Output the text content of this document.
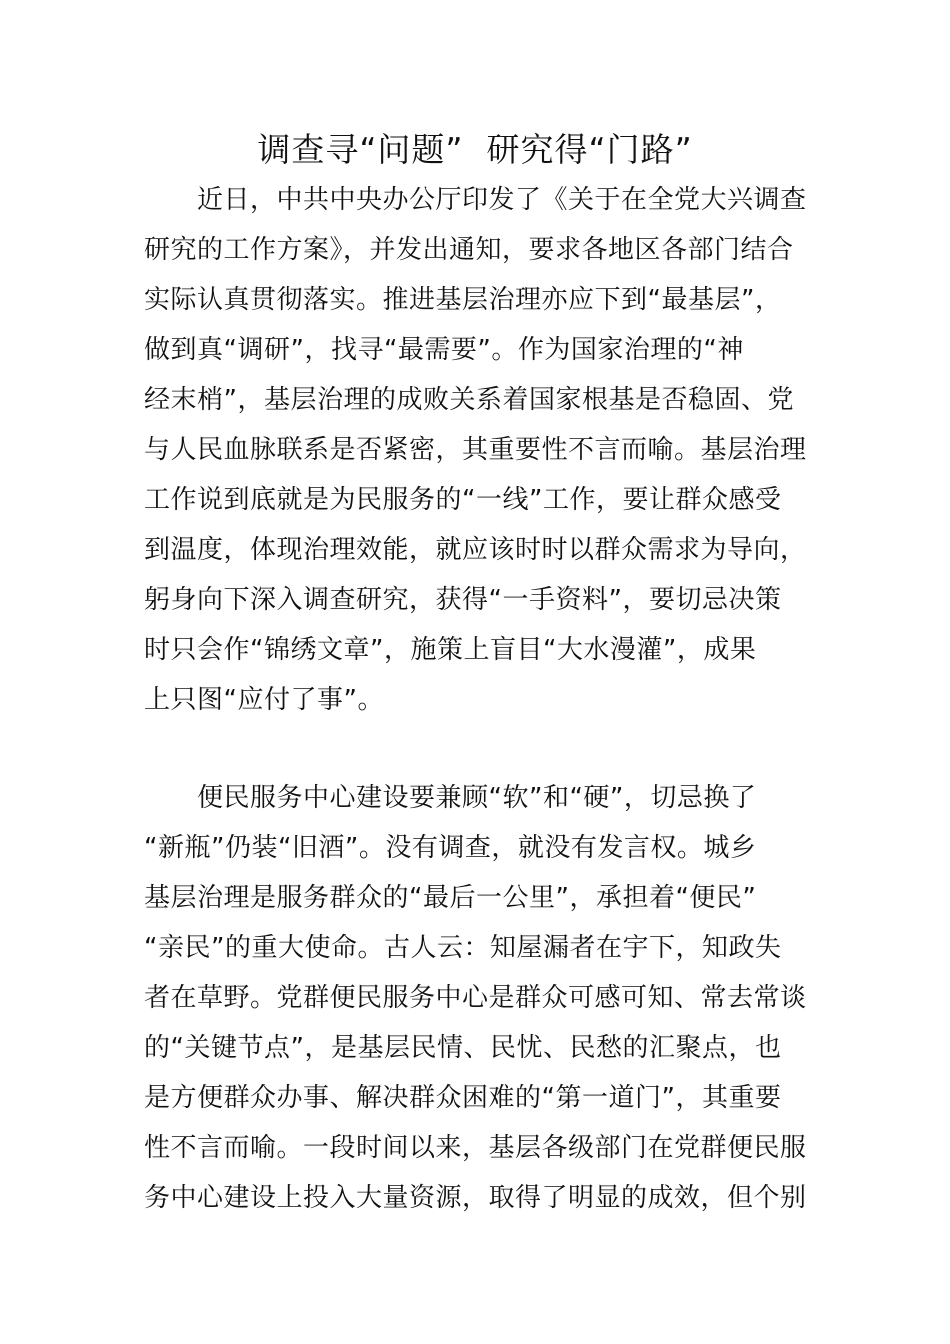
调查寻“问题”  研究得“门路”
　　近日，中共中央办公厅印发了《关于在全党大兴调查
研究的工作方案》，并发出通知，要求各地区各部门结合
实际认真贯彻落实。推进基层治理亦应下到“最基层”，
做到真“调研”，找寻“最需要”。作为国家治理的“神
经末梢”，基层治理的成败关系着国家根基是否稳固、党
与人民血脉联系是否紧密，其重要性不言而喻。基层治理
工作说到底就是为民服务的“一线”工作，要让群众感受
到温度，体现治理效能，就应该时时以群众需求为导向，
躬身向下深入调查研究，获得“一手资料”，要切忌决策
时只会作“锦绣文章”，施策上盲目“大水漫灌”，成果
上只图“应付了事”。
　　便民服务中心建设要兼顾“软”和“硬”，切忌换了
“新瓶”仍装“旧酒”。没有调查，就没有发言权。城乡
基层治理是服务群众的“最后一公里”，承担着“便民”
“亲民”的重大使命。古人云：知屋漏者在宇下，知政失
者在草野。党群便民服务中心是群众可感可知、常去常谈
的“关键节点”，是基层民情、民忧、民愁的汇聚点，也
是方便群众办事、解决群众困难的“第一道门”，其重要
性不言而喻。一段时间以来，基层各级部门在党群便民服
务中心建设上投入大量资源，取得了明显的成效，但个别
